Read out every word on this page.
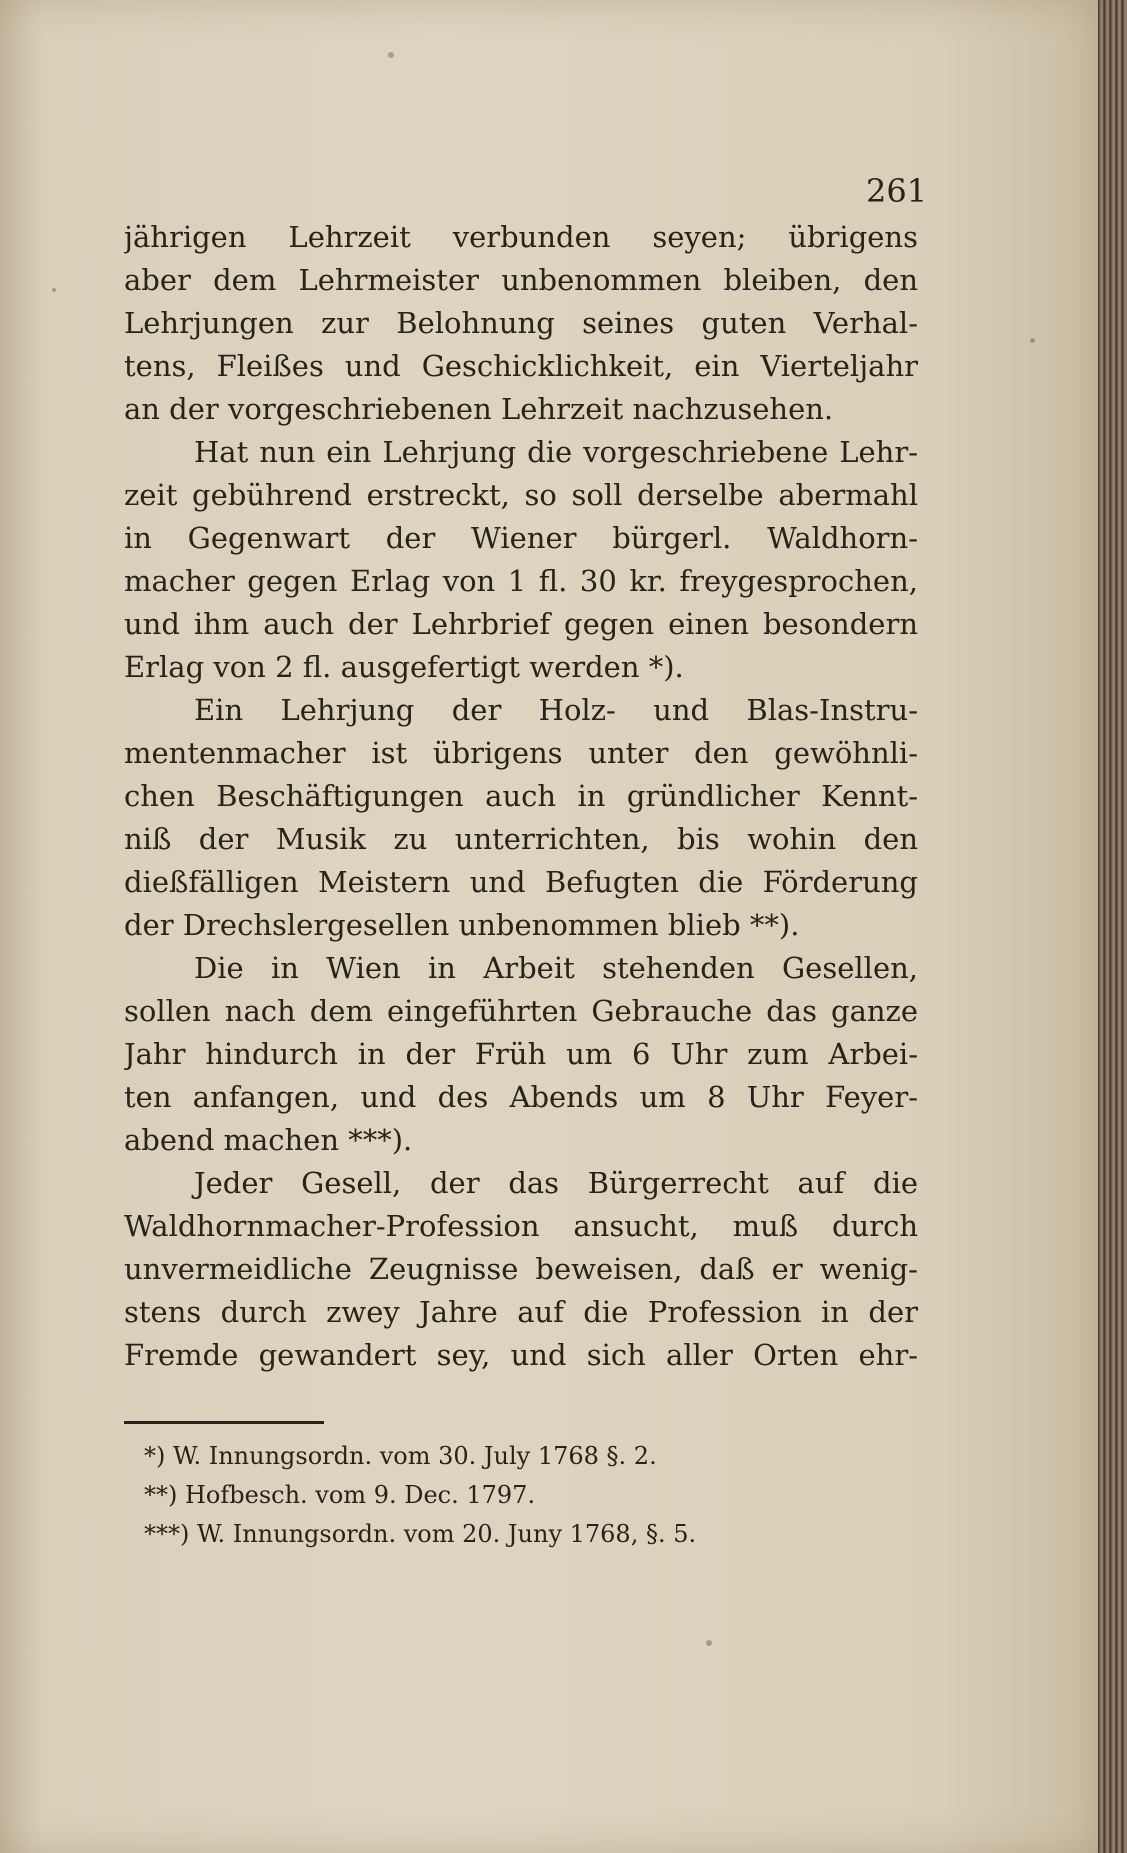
261
jährigen Lehrzeit verbunden seyen; übrigens
aber dem Lehrmeister unbenommen bleiben, den
Lehrjungen zur Belohnung seines guten Verhal-
tens, Fleißes und Geschicklichkeit, ein Vierteljahr
an der vorgeschriebenen Lehrzeit nachzusehen.
Hat nun ein Lehrjung die vorgeschriebene Lehr-
zeit gebührend erstreckt, so soll derselbe abermahl
in Gegenwart der Wiener bürgerl. Waldhorn-
macher gegen Erlag von 1 fl. 30 kr. freygesprochen,
und ihm auch der Lehrbrief gegen einen besondern
Erlag von 2 fl. ausgefertigt werden *).
Ein Lehrjung der Holz- und Blas-Instru-
mentenmacher ist übrigens unter den gewöhnli-
chen Beschäftigungen auch in gründlicher Kennt-
niß der Musik zu unterrichten, bis wohin den
dießfälligen Meistern und Befugten die Förderung
der Drechslergesellen unbenommen blieb **).
Die in Wien in Arbeit stehenden Gesellen,
sollen nach dem eingeführten Gebrauche das ganze
Jahr hindurch in der Früh um 6 Uhr zum Arbei-
ten anfangen, und des Abends um 8 Uhr Feyer-
abend machen ***).
Jeder Gesell, der das Bürgerrecht auf die
Waldhornmacher-Profession ansucht, muß durch
unvermeidliche Zeugnisse beweisen, daß er wenig-
stens durch zwey Jahre auf die Profession in der
Fremde gewandert sey, und sich aller Orten ehr-
*) W. Innungsordn. vom 30. July 1768 §. 2.
**) Hofbesch. vom 9. Dec. 1797.
***) W. Innungsordn. vom 20. Juny 1768, §. 5.
